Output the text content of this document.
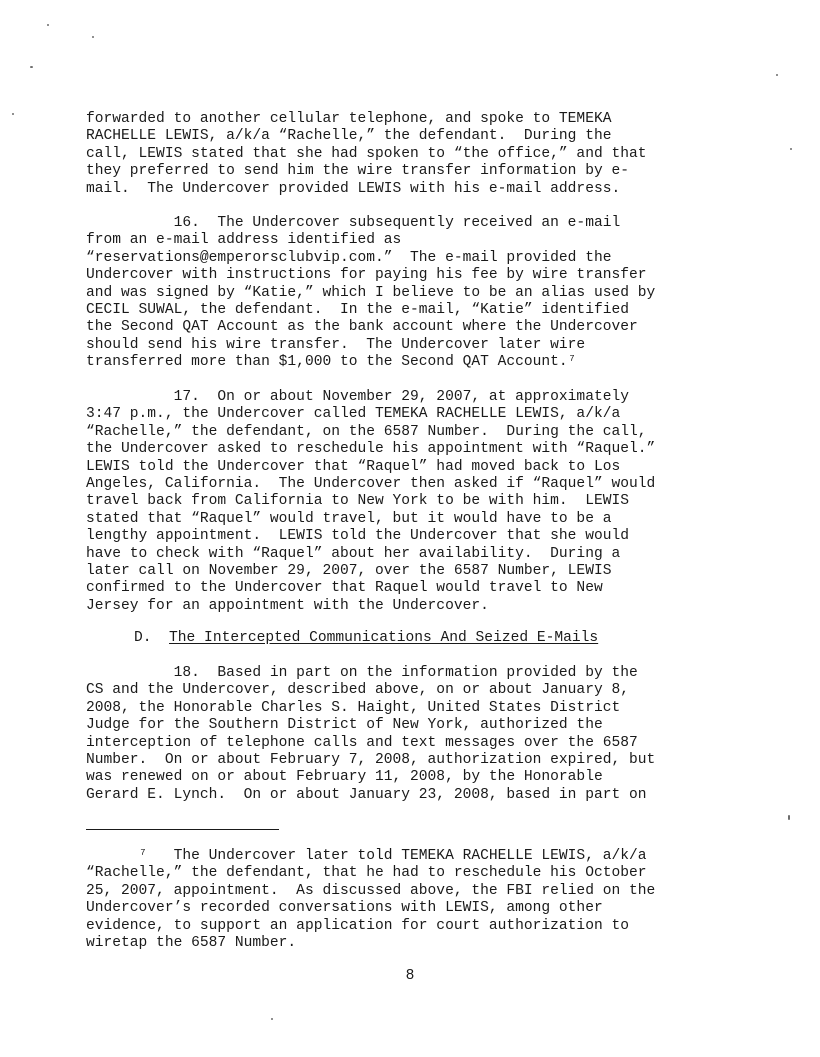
forwarded to another cellular telephone, and spoke to TEMEKA
RACHELLE LEWIS, a/k/a “Rachelle,” the defendant.  During the
call, LEWIS stated that she had spoken to “the office,” and that
they preferred to send him the wire transfer information by e-
mail.  The Undercover provided LEWIS with his e-mail address.
16.  The Undercover subsequently received an e-mail
from an e-mail address identified as
“reservations@emperorsclubvip.com.”  The e-mail provided the
Undercover with instructions for paying his fee by wire transfer
and was signed by “Katie,” which I believe to be an alias used by
CECIL SUWAL, the defendant.  In the e-mail, “Katie” identified
the Second QAT Account as the bank account where the Undercover
should send his wire transfer.  The Undercover later wire
transferred more than $1,000 to the Second QAT Account.⁷
17.  On or about November 29, 2007, at approximately
3:47 p.m., the Undercover called TEMEKA RACHELLE LEWIS, a/k/a
“Rachelle,” the defendant, on the 6587 Number.  During the call,
the Undercover asked to reschedule his appointment with “Raquel.”
LEWIS told the Undercover that “Raquel” had moved back to Los
Angeles, California.  The Undercover then asked if “Raquel” would
travel back from California to New York to be with him.  LEWIS
stated that “Raquel” would travel, but it would have to be a
lengthy appointment.  LEWIS told the Undercover that she would
have to check with “Raquel” about her availability.  During a
later call on November 29, 2007, over the 6587 Number, LEWIS
confirmed to the Undercover that Raquel would travel to New
Jersey for an appointment with the Undercover.
D. The Intercepted Communications And Seized E-Mails
18.  Based in part on the information provided by the
CS and the Undercover, described above, on or about January 8,
2008, the Honorable Charles S. Haight, United States District
Judge for the Southern District of New York, authorized the
interception of telephone calls and text messages over the 6587
Number.  On or about February 7, 2008, authorization expired, but
was renewed on or about February 11, 2008, by the Honorable
Gerard E. Lynch.  On or about January 23, 2008, based in part on
⁷   The Undercover later told TEMEKA RACHELLE LEWIS, a/k/a
“Rachelle,” the defendant, that he had to reschedule his October
25, 2007, appointment.  As discussed above, the FBI relied on the
Undercover’s recorded conversations with LEWIS, among other
evidence, to support an application for court authorization to
wiretap the 6587 Number.
8
